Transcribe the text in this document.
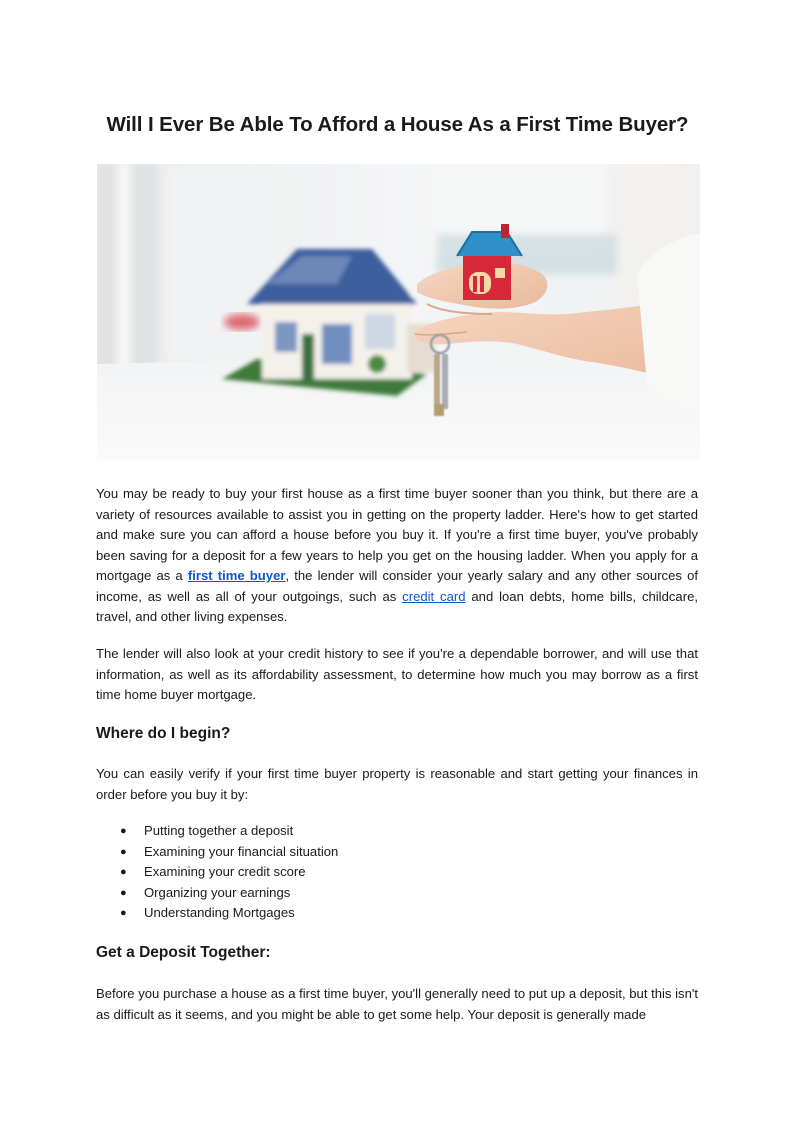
Will I Ever Be Able To Afford a House As a First Time Buyer?

You may be ready to buy your first house as a first time buyer sooner than you think, but there are a variety of resources available to assist you in getting on the property ladder. Here's how to get started and make sure you can afford a house before you buy it. If you're a first time buyer, you've probably been saving for a deposit for a few years to help you get on the housing ladder. When you apply for a mortgage as a first time buyer, the lender will consider your yearly salary and any other sources of income, as well as all of your outgoings, such as credit card and loan debts, home bills, childcare, travel, and other living expenses.

The lender will also look at your credit history to see if you're a dependable borrower, and will use that information, as well as its affordability assessment, to determine how much you may borrow as a first time home buyer mortgage.

Where do I begin?

You can easily verify if your first time buyer property is reasonable and start getting your finances in order before you buy it by:

● Putting together a deposit
● Examining your financial situation
● Examining your credit score
● Organizing your earnings
● Understanding Mortgages
Get a Deposit Together:

Before you purchase a house as a first time buyer, you'll generally need to put up a deposit, but this isn't as difficult as it seems, and you might be able to get some help. Your deposit is generally made
